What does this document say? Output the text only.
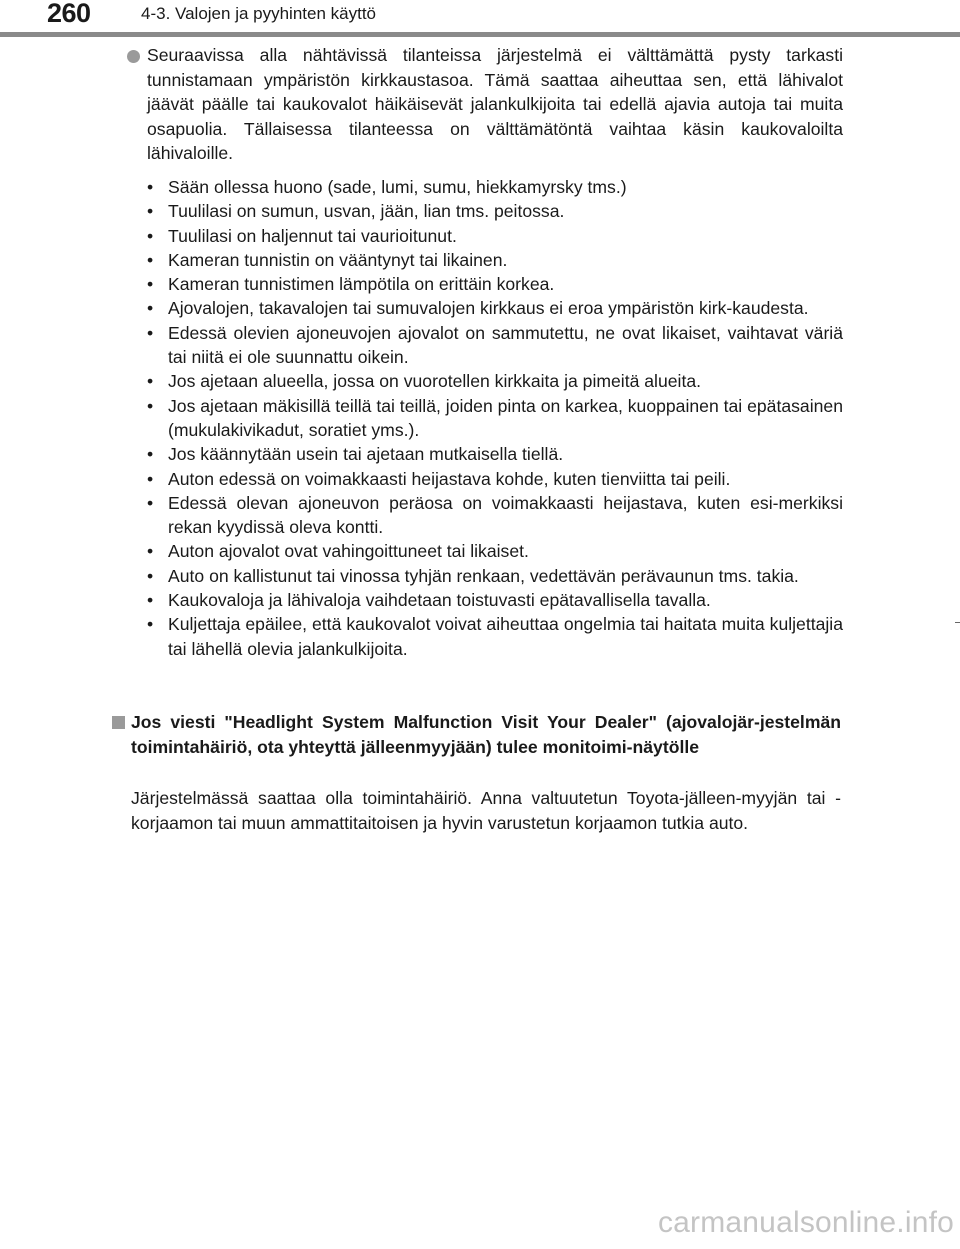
260	4-3. Valojen ja pyyhinten käyttö
Seuraavissa alla nähtävissä tilanteissa järjestelmä ei välttämättä pysty tarkasti tunnistamaan ympäristön kirkkaustasoa. Tämä saattaa aiheuttaa sen, että lähivalot jäävät päälle tai kaukovalot häikäisevät jalankulkijoita tai edellä ajavia autoja tai muita osapuolia. Tällaisessa tilanteessa on välttämätöntä vaihtaa käsin kaukovaloilta lähivaloille.
• Sään ollessa huono (sade, lumi, sumu, hiekkamyrsky tms.)
• Tuulilasi on sumun, usvan, jään, lian tms. peitossa.
• Tuulilasi on haljennut tai vaurioitunut.
• Kameran tunnistin on vääntynyt tai likainen.
• Kameran tunnistimen lämpötila on erittäin korkea.
• Ajovalojen, takavalojen tai sumuvalojen kirkkaus ei eroa ympäristön kirk-kaudesta.
• Edessä olevien ajoneuvojen ajovalot on sammutettu, ne ovat likaiset, vaihtavat väriä tai niitä ei ole suunnattu oikein.
• Jos ajetaan alueella, jossa on vuorotellen kirkkaita ja pimeitä alueita.
• Jos ajetaan mäkisillä teillä tai teillä, joiden pinta on karkea, kuoppainen tai epätasainen (mukulakivikadut, soratiet yms.).
• Jos käännytään usein tai ajetaan mutkaisella tiellä.
• Auton edessä on voimakkaasti heijastava kohde, kuten tienviitta tai peili.
• Edessä olevan ajoneuvon peräosa on voimakkaasti heijastava, kuten esi-merkiksi rekan kyydissä oleva kontti.
• Auton ajovalot ovat vahingoittuneet tai likaiset.
• Auto on kallistunut tai vinossa tyhjän renkaan, vedettävän perävaunun tms. takia.
• Kaukovaloja ja lähivaloja vaihdetaan toistuvasti epätavallisella tavalla.
• Kuljettaja epäilee, että kaukovalot voivat aiheuttaa ongelmia tai haitata muita kuljettajia tai lähellä olevia jalankulkijoita.
Jos viesti "Headlight System Malfunction Visit Your Dealer" (ajovalojär-jestelmän toimintahäiriö, ota yhteyttä jälleenmyyjään) tulee monitoimi-näytölle
Järjestelmässä saattaa olla toimintahäiriö. Anna valtuutetun Toyota-jälleen-myyjän tai -korjaamon tai muun ammattitaitoisen ja hyvin varustetun korjaamon tutkia auto.
carmanualsonline.info
